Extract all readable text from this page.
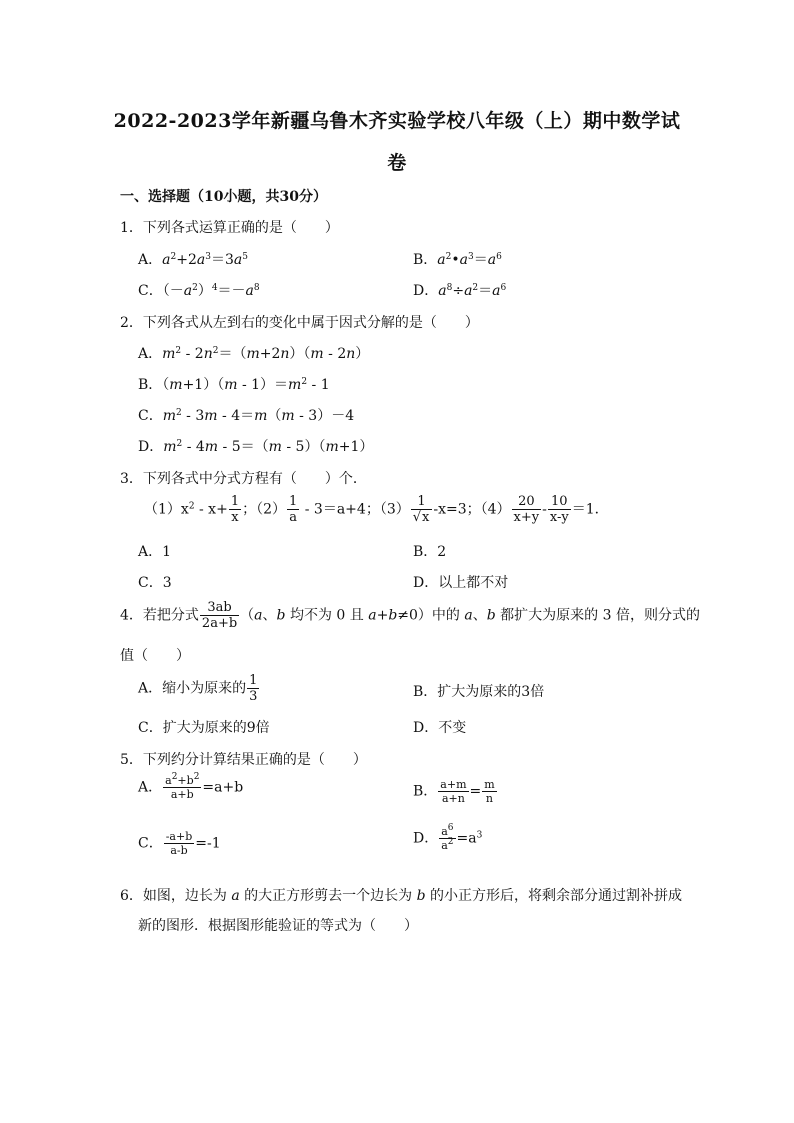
2022-2023学年新疆乌鲁木齐实验学校八年级（上）期中数学试
卷
一、选择题（10小题，共30分）
1．下列各式运算正确的是（　　）
A．$a^2+2a^3=3a^5$	B．$a^2•a^3=a^6$
C．$(-a^2)^4=-a^8$	D．$a^8\div a^2=a^6$
2．下列各式从左到右的变化中属于因式分解的是（　　）
A．$m^2 - 2n^2=(m+2n)(m - 2n)$
B．$(m+1)(m - 1)=m^2 - 1$
C．$m^2 - 3m - 4=m(m - 3)-4$
D．$m^2 - 4m - 5=(m - 5)(m+1)$
3．下列各式中分式方程有（　　）个．
$(1)x^2 - x+ \frac{1}{x}$ ；$(2) \frac{1}{a} - 3=a+4$；$(3) \frac{1}{√x} -x=3$；$(4) \frac{20}{x+y} - \frac{10}{x-y} =1$．
A．1	B．2
C．3	D．以上都不对
4．若把分式 $\frac{3ab}{2a+b} (a$、b 均不为 0 且 a+b≠0）中的 a、b 都扩大为原来的 3 倍，则分式的
值（　　）
A．缩小为原来的 $\frac{1}{3}$	B．扩大为原来的3倍
C．扩大为原来的9倍	D．不变
5．下列约分计算结果正确的是（　　）
A． $\frac{a^2+b^2}{a+b} =a+b$	B． $\frac{a+m}{a+n} = \frac{m}{n}$
C． $\frac{-a+b}{a-b} =-1$	D． $\frac{a^6}{a^2} =a^3$
6．如图，边长为 a 的大正方形剪去一个边长为 b 的小正方形后，将剩余部分通过割补拼成
新的图形．根据图形能验证的等式为（　　）
